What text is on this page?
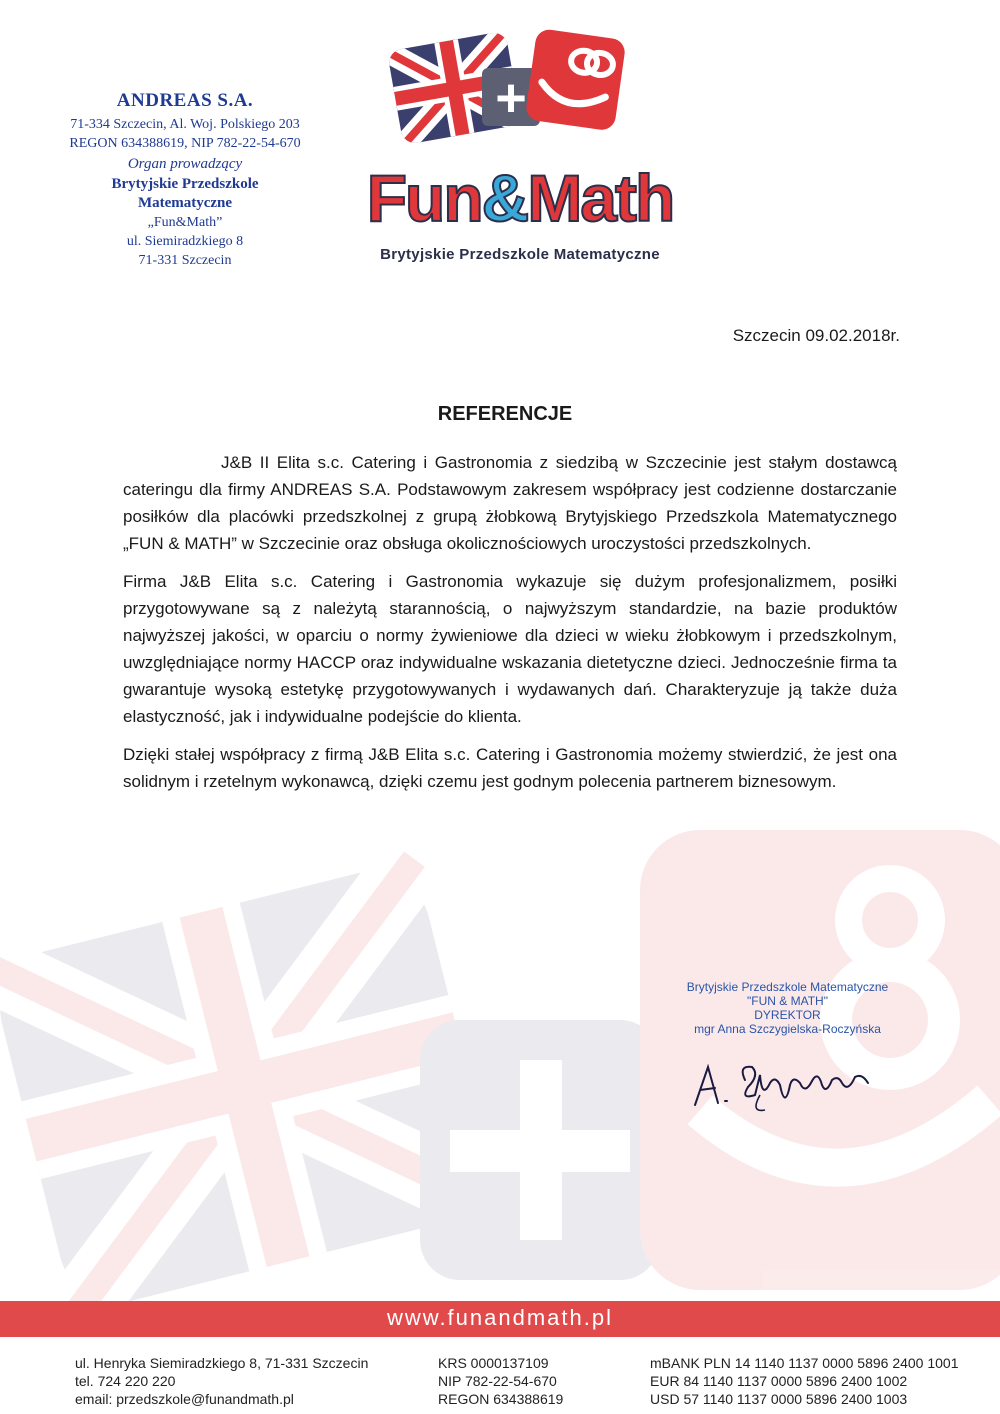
ANDREAS S.A.
71-334 Szczecin, Al. Woj. Polskiego 203
REGON 634388619, NIP 782-22-54-670
Organ prowadzący
Brytyjskie Przedszkole
Matematyczne
„Fun&Math”
ul. Siemiradzkiego 8
71-331 Szczecin
+
Fun&Math
Brytyjskie Przedszkole Matematyczne
Szczecin 09.02.2018r.
REFERENCJE

J&B II Elita s.c. Catering i Gastronomia z siedzibą w Szczecinie jest stałym dostawcą cateringu dla firmy ANDREAS S.A. Podstawowym zakresem współpracy jest codzienne dostarczanie posiłków dla placówki przedszkolnej z grupą żłobkową Brytyjskiego Przedszkola Matematycznego „FUN & MATH” w Szczecinie oraz obsługa okolicznościowych uroczystości przedszkolnych.

Firma J&B Elita s.c. Catering i Gastronomia wykazuje się dużym profesjonalizmem, posiłki przygotowywane są z należytą starannością, o najwyższym standardzie, na bazie produktów najwyższej jakości, w oparciu o normy żywieniowe dla dzieci w wieku żłobkowym i przedszkolnym, uwzględniające normy HACCP oraz indywidualne wskazania dietetyczne dzieci. Jednocześnie firma ta gwarantuje wysoką estetykę przygotowywanych i wydawanych dań. Charakteryzuje ją także duża elastyczność, jak i indywidualne podejście do klienta.

Dzięki stałej współpracy z firmą J&B Elita s.c. Catering i Gastronomia możemy stwierdzić, że jest ona solidnym i rzetelnym wykonawcą, dzięki czemu jest godnym polecenia partnerem biznesowym.

Brytyjskie Przedszkole Matematyczne
"FUN & MATH"
DYREKTOR
mgr Anna Szczygielska-Roczyńska
www.funandmath.pl
ul. Henryka Siemiradzkiego 8, 71-331 Szczecin
tel. 724 220 220
email: przedszkole@funandmath.pl
KRS 0000137109
NIP 782-22-54-670
REGON 634388619
mBANK PLN 14 1140 1137 0000 5896 2400 1001
EUR 84 1140 1137 0000 5896 2400 1002
USD 57 1140 1137 0000 5896 2400 1003
